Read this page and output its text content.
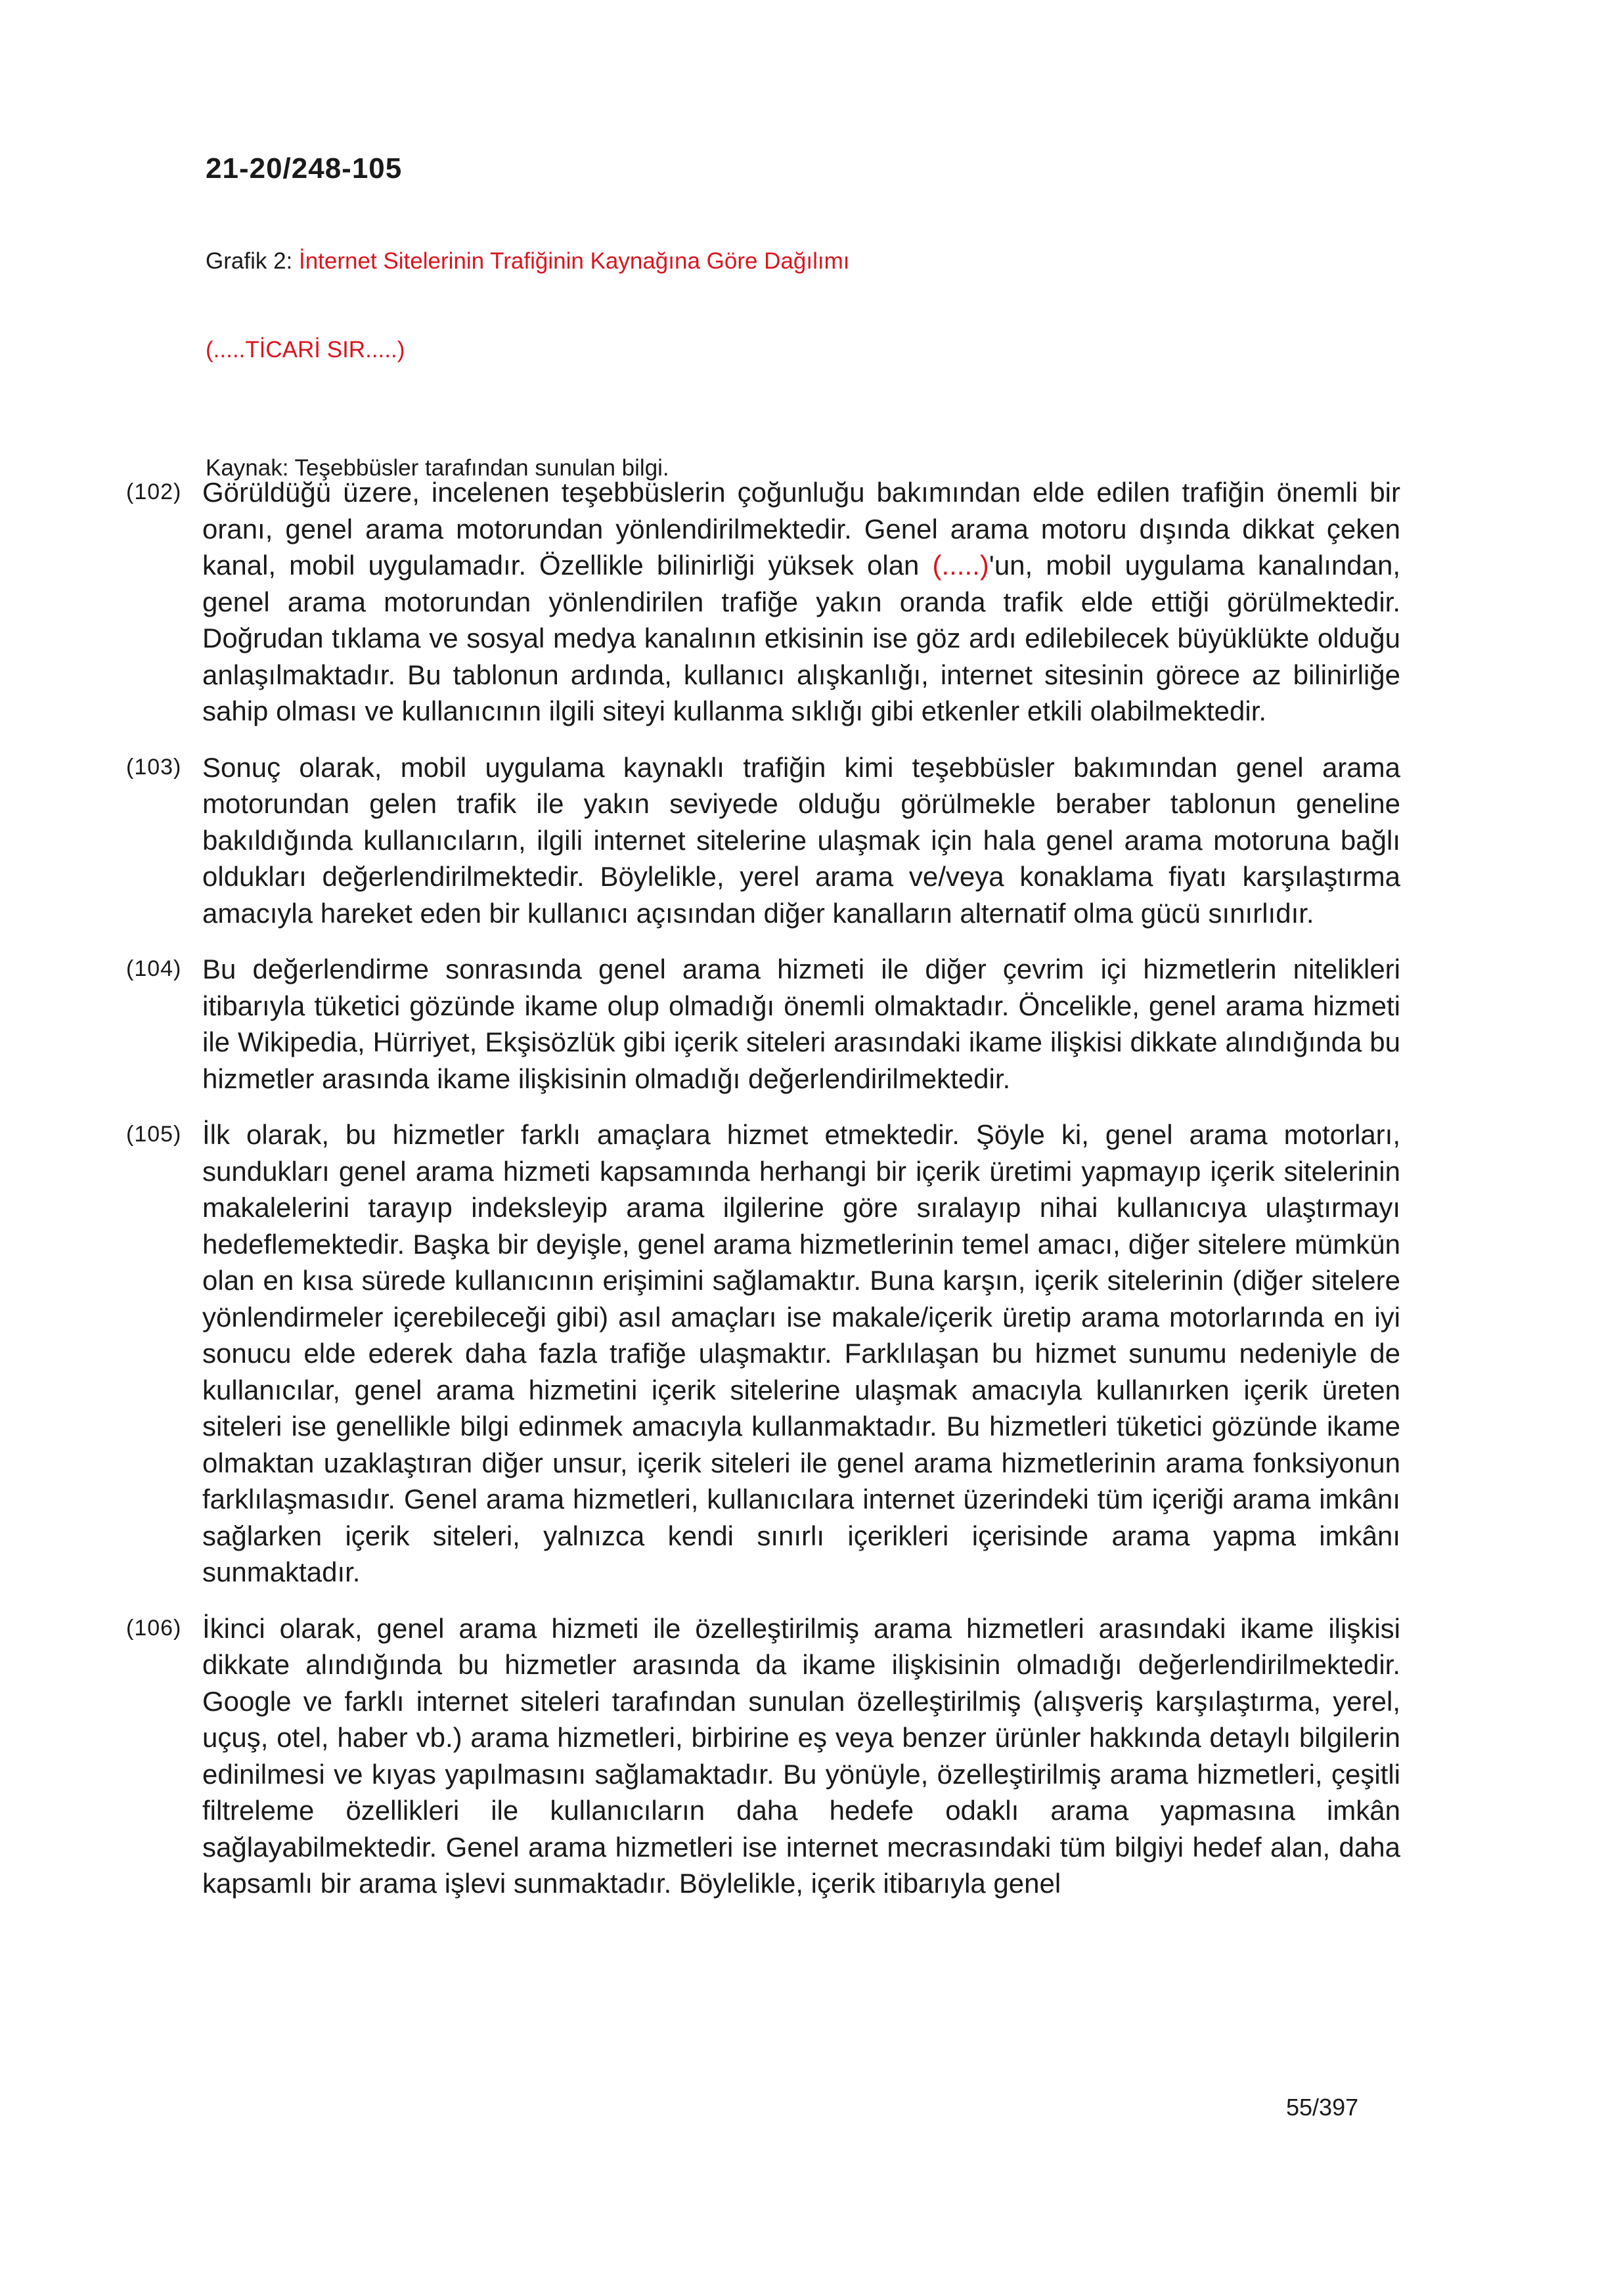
21-20/248-105
Grafik 2: İnternet Sitelerinin Trafiğinin Kaynağına Göre Dağılımı
(.....TİCARİ SIR.....)
Kaynak: Teşebbüsler tarafından sunulan bilgi.
(102) Görüldüğü üzere, incelenen teşebbüslerin çoğunluğu bakımından elde edilen trafiğin önemli bir oranı, genel arama motorundan yönlendirilmektedir. Genel arama motoru dışında dikkat çeken kanal, mobil uygulamadır. Özellikle bilinirliği yüksek olan (.....)'un, mobil uygulama kanalından, genel arama motorundan yönlendirilen trafiğe yakın oranda trafik elde ettiği görülmektedir. Doğrudan tıklama ve sosyal medya kanalının etkisinin ise göz ardı edilebilecek büyüklükte olduğu anlaşılmaktadır. Bu tablonun ardında, kullanıcı alışkanlığı, internet sitesinin görece az bilinirliğe sahip olması ve kullanıcının ilgili siteyi kullanma sıklığı gibi etkenler etkili olabilmektedir.

(103) Sonuç olarak, mobil uygulama kaynaklı trafiğin kimi teşebbüsler bakımından genel arama motorundan gelen trafik ile yakın seviyede olduğu görülmekle beraber tablonun geneline bakıldığında kullanıcıların, ilgili internet sitelerine ulaşmak için hala genel arama motoruna bağlı oldukları değerlendirilmektedir. Böylelikle, yerel arama ve/veya konaklama fiyatı karşılaştırma amacıyla hareket eden bir kullanıcı açısından diğer kanalların alternatif olma gücü sınırlıdır.

(104) Bu değerlendirme sonrasında genel arama hizmeti ile diğer çevrim içi hizmetlerin nitelikleri itibarıyla tüketici gözünde ikame olup olmadığı önemli olmaktadır. Öncelikle, genel arama hizmeti ile Wikipedia, Hürriyet, Ekşisözlük gibi içerik siteleri arasındaki ikame ilişkisi dikkate alındığında bu hizmetler arasında ikame ilişkisinin olmadığı değerlendirilmektedir.

(105) İlk olarak, bu hizmetler farklı amaçlara hizmet etmektedir. Şöyle ki, genel arama motorları, sundukları genel arama hizmeti kapsamında herhangi bir içerik üretimi yapmayıp içerik sitelerinin makalelerini tarayıp indeksleyip arama ilgilerine göre sıralayıp nihai kullanıcıya ulaştırmayı hedeflemektedir. Başka bir deyişle, genel arama hizmetlerinin temel amacı, diğer sitelere mümkün olan en kısa sürede kullanıcının erişimini sağlamaktır. Buna karşın, içerik sitelerinin (diğer sitelere yönlendirmeler içerebileceği gibi) asıl amaçları ise makale/içerik üretip arama motorlarında en iyi sonucu elde ederek daha fazla trafiğe ulaşmaktır. Farklılaşan bu hizmet sunumu nedeniyle de kullanıcılar, genel arama hizmetini içerik sitelerine ulaşmak amacıyla kullanırken içerik üreten siteleri ise genellikle bilgi edinmek amacıyla kullanmaktadır. Bu hizmetleri tüketici gözünde ikame olmaktan uzaklaştıran diğer unsur, içerik siteleri ile genel arama hizmetlerinin arama fonksiyonun farklılaşmasıdır. Genel arama hizmetleri, kullanıcılara internet üzerindeki tüm içeriği arama imkânı sağlarken içerik siteleri, yalnızca kendi sınırlı içerikleri içerisinde arama yapma imkânı sunmaktadır.

(106) İkinci olarak, genel arama hizmeti ile özelleştirilmiş arama hizmetleri arasındaki ikame ilişkisi dikkate alındığında bu hizmetler arasında da ikame ilişkisinin olmadığı değerlendirilmektedir. Google ve farklı internet siteleri tarafından sunulan özelleştirilmiş (alışveriş karşılaştırma, yerel, uçuş, otel, haber vb.) arama hizmetleri, birbirine eş veya benzer ürünler hakkında detaylı bilgilerin edinilmesi ve kıyas yapılmasını sağlamaktadır. Bu yönüyle, özelleştirilmiş arama hizmetleri, çeşitli filtreleme özellikleri ile kullanıcıların daha hedefe odaklı arama yapmasına imkân sağlayabilmektedir. Genel arama hizmetleri ise internet mecrasındaki tüm bilgiyi hedef alan, daha kapsamlı bir arama işlevi sunmaktadır. Böylelikle, içerik itibarıyla genel

55/397
